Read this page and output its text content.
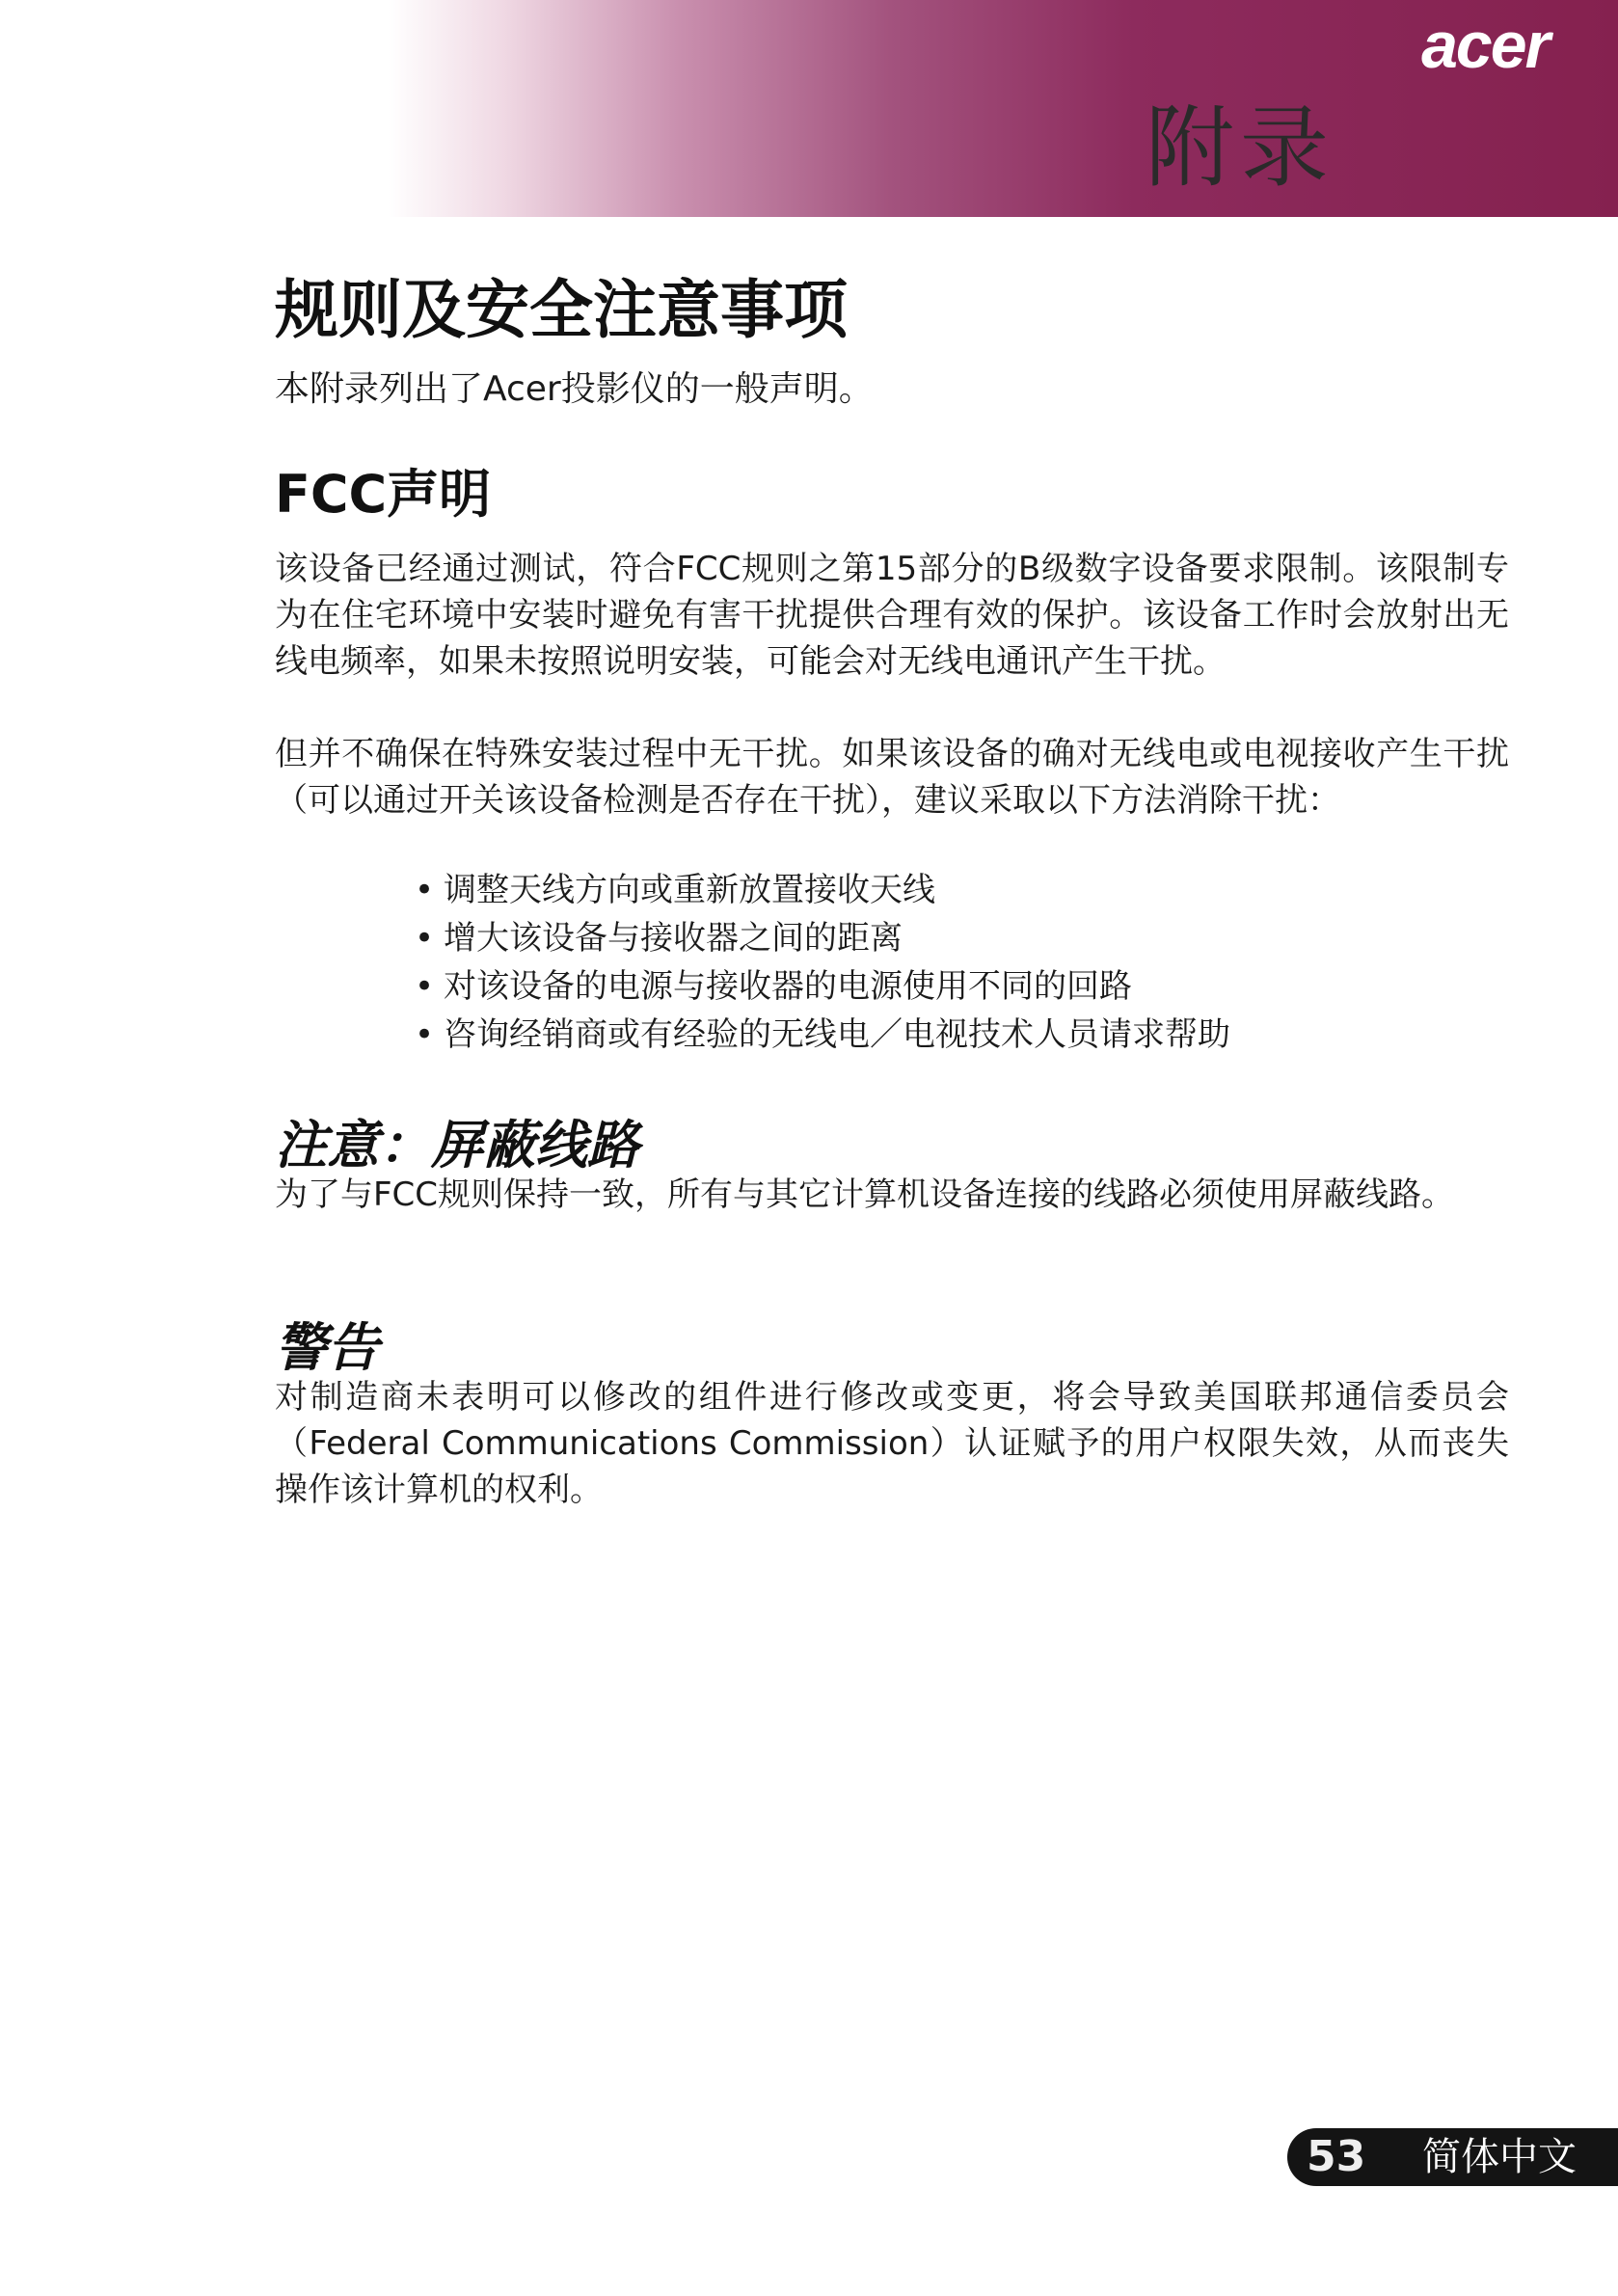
acer
附录
规则及安全注意事项
本附录列出了Acer投影仪的一般声明。
FCC声明
该设备已经通过测试，符合FCC规则之第15部分的B级数字设备要求限制。该限制专为在住宅环境中安装时避免有害干扰提供合理有效的保护。该设备工作时会放射出无线电频率，如果未按照说明安装，可能会对无线电通讯产生干扰。
但并不确保在特殊安装过程中无干扰。如果该设备的确对无线电或电视接收产生干扰（可以通过开关该设备检测是否存在干扰），建议采取以下方法消除干扰：
• 调整天线方向或重新放置接收天线
• 增大该设备与接收器之间的距离
• 对该设备的电源与接收器的电源使用不同的回路
• 咨询经销商或有经验的无线电／电视技术人员请求帮助
注意：屏蔽线路
为了与FCC规则保持一致，所有与其它计算机设备连接的线路必须使用屏蔽线路。
警告
对制造商未表明可以修改的组件进行修改或变更，将会导致美国联邦通信委员会（Federal Communications Commission）认证赋予的用户权限失效，从而丧失操作该计算机的权利。
53 简体中文
